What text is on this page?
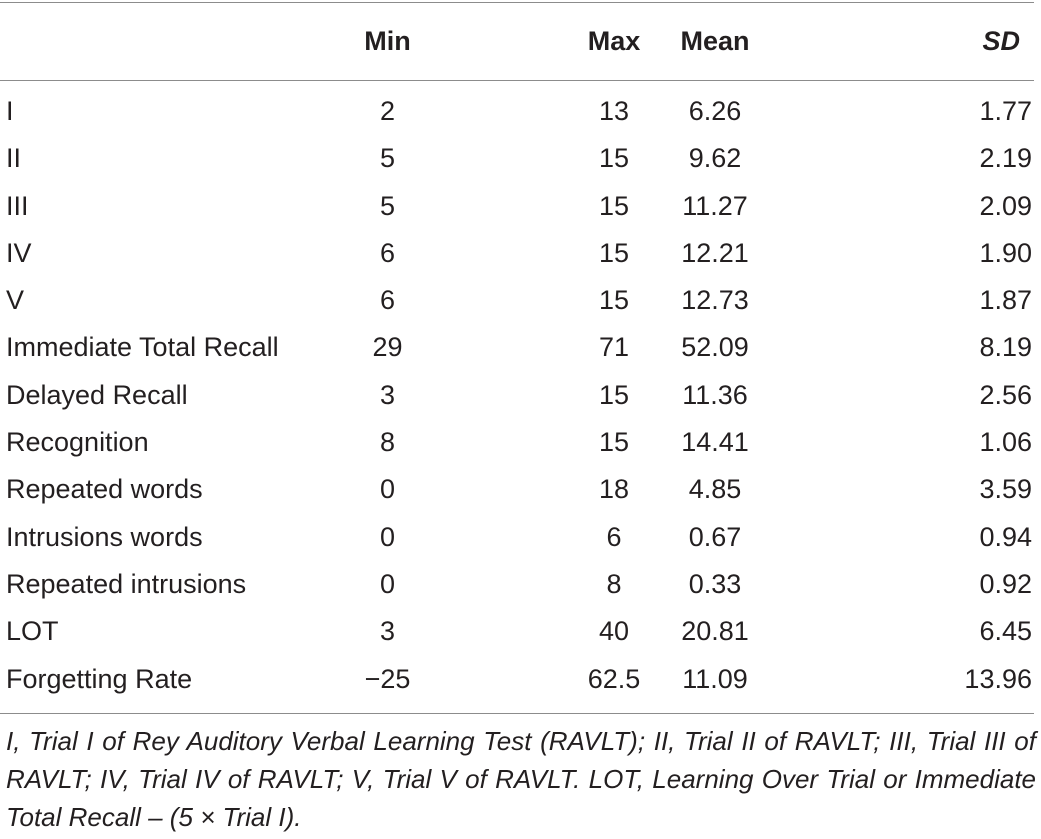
	Min	Max	Mean	SD

I	2	13	6.26	1.77
II	5	15	9.62	2.19
III	5	15	11.27	2.09
IV	6	15	12.21	1.90
V	6	15	12.73	1.87
Immediate Total Recall	29	71	52.09	8.19
Delayed Recall	3	15	11.36	2.56
Recognition	8	15	14.41	1.06
Repeated words	0	18	4.85	3.59
Intrusions words	0	6	0.67	0.94
Repeated intrusions	0	8	0.33	0.92
LOT	3	40	20.81	6.45
Forgetting Rate	−25	62.5	11.09	13.96
I, Trial I of Rey Auditory Verbal Learning Test (RAVLT); II, Trial II of RAVLT; III, Trial III of RAVLT; IV, Trial IV of RAVLT; V, Trial V of RAVLT. LOT, Learning Over Trial or Immediate Total Recall – (5 × Trial I).
